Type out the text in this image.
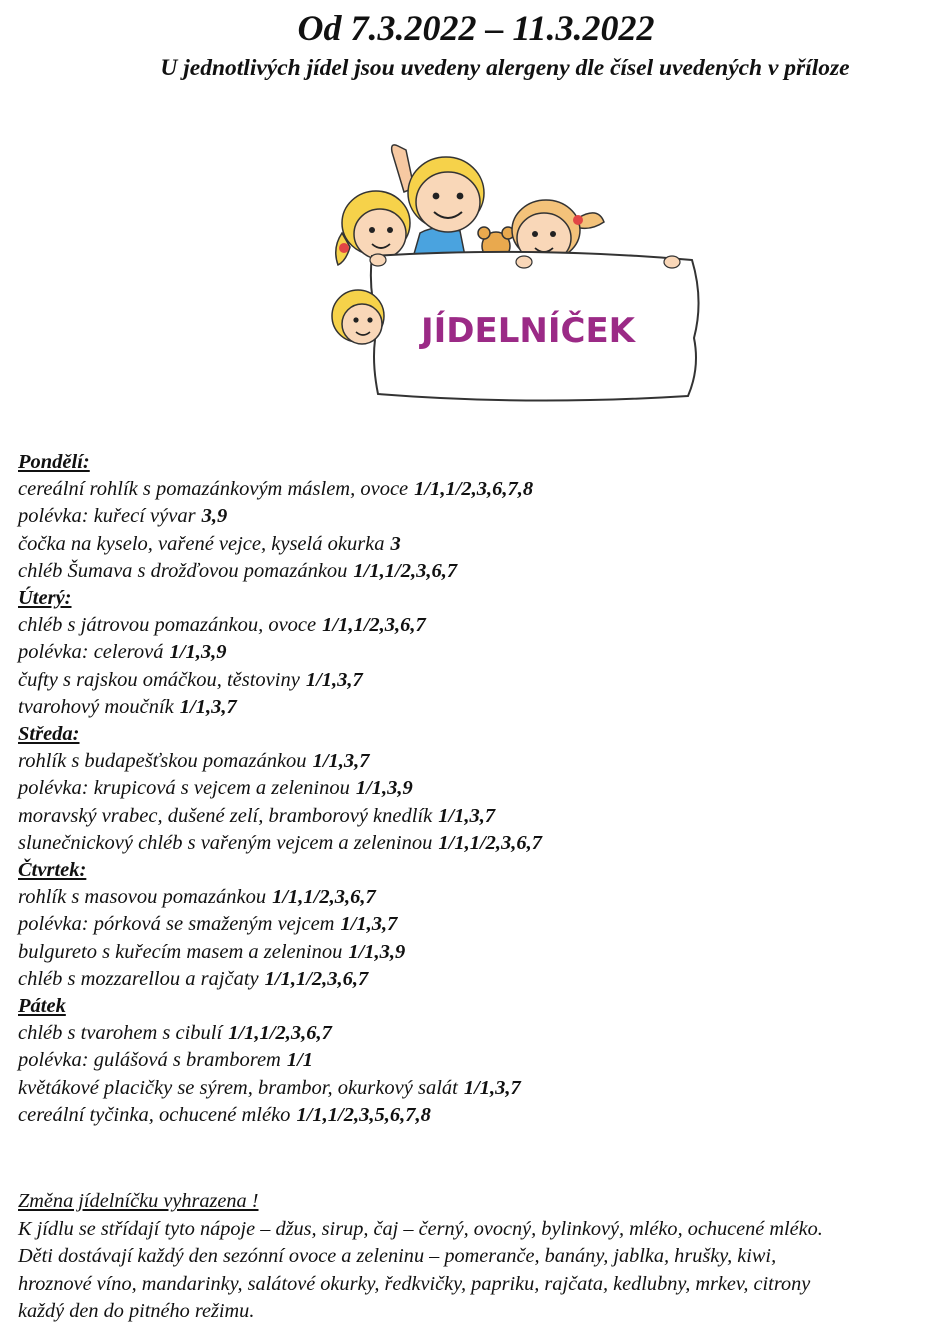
Od 7.3.2022 – 11.3.2022
U jednotlivých jídel jsou uvedeny alergeny dle čísel uvedených v příloze
JÍDELNÍČEK
Pondělí:
cereální rohlík s pomazánkovým máslem, ovoce 1/1,1/2,3,6,7,8
polévka: kuřecí vývar 3,9
čočka na kyselo, vařené vejce, kyselá okurka 3
chléb Šumava s drožďovou pomazánkou 1/1,1/2,3,6,7
Úterý:
chléb s játrovou pomazánkou, ovoce 1/1,1/2,3,6,7
polévka: celerová 1/1,3,9
čufty s rajskou omáčkou, těstoviny 1/1,3,7
tvarohový moučník 1/1,3,7
Středa:
rohlík s budapešťskou pomazánkou 1/1,3,7
polévka: krupicová s vejcem a zeleninou 1/1,3,9
moravský vrabec, dušené zelí, bramborový knedlík 1/1,3,7
slunečnickový chléb s vařeným vejcem a zeleninou 1/1,1/2,3,6,7
Čtvrtek:
rohlík s masovou pomazánkou 1/1,1/2,3,6,7
polévka: pórková se smaženým vejcem 1/1,3,7
bulgureto s kuřecím masem a zeleninou 1/1,3,9
chléb s mozzarellou a rajčaty 1/1,1/2,3,6,7
Pátek
chléb s tvarohem s cibulí 1/1,1/2,3,6,7
polévka: gulášová s bramborem 1/1
květákové placičky se sýrem, brambor, okurkový salát 1/1,3,7
cereální tyčinka, ochucené mléko 1/1,1/2,3,5,6,7,8
Změna jídelníčku vyhrazena !
K jídlu se střídají tyto nápoje – džus, sirup, čaj – černý, ovocný, bylinkový, mléko, ochucené mléko.
Děti dostávají každý den sezónní ovoce a zeleninu – pomeranče, banány, jablka, hrušky, kiwi,
hroznové víno, mandarinky, salátové okurky, ředkvičky, papriku, rajčata, kedlubny, mrkev, citrony
každý den do pitného režimu.
